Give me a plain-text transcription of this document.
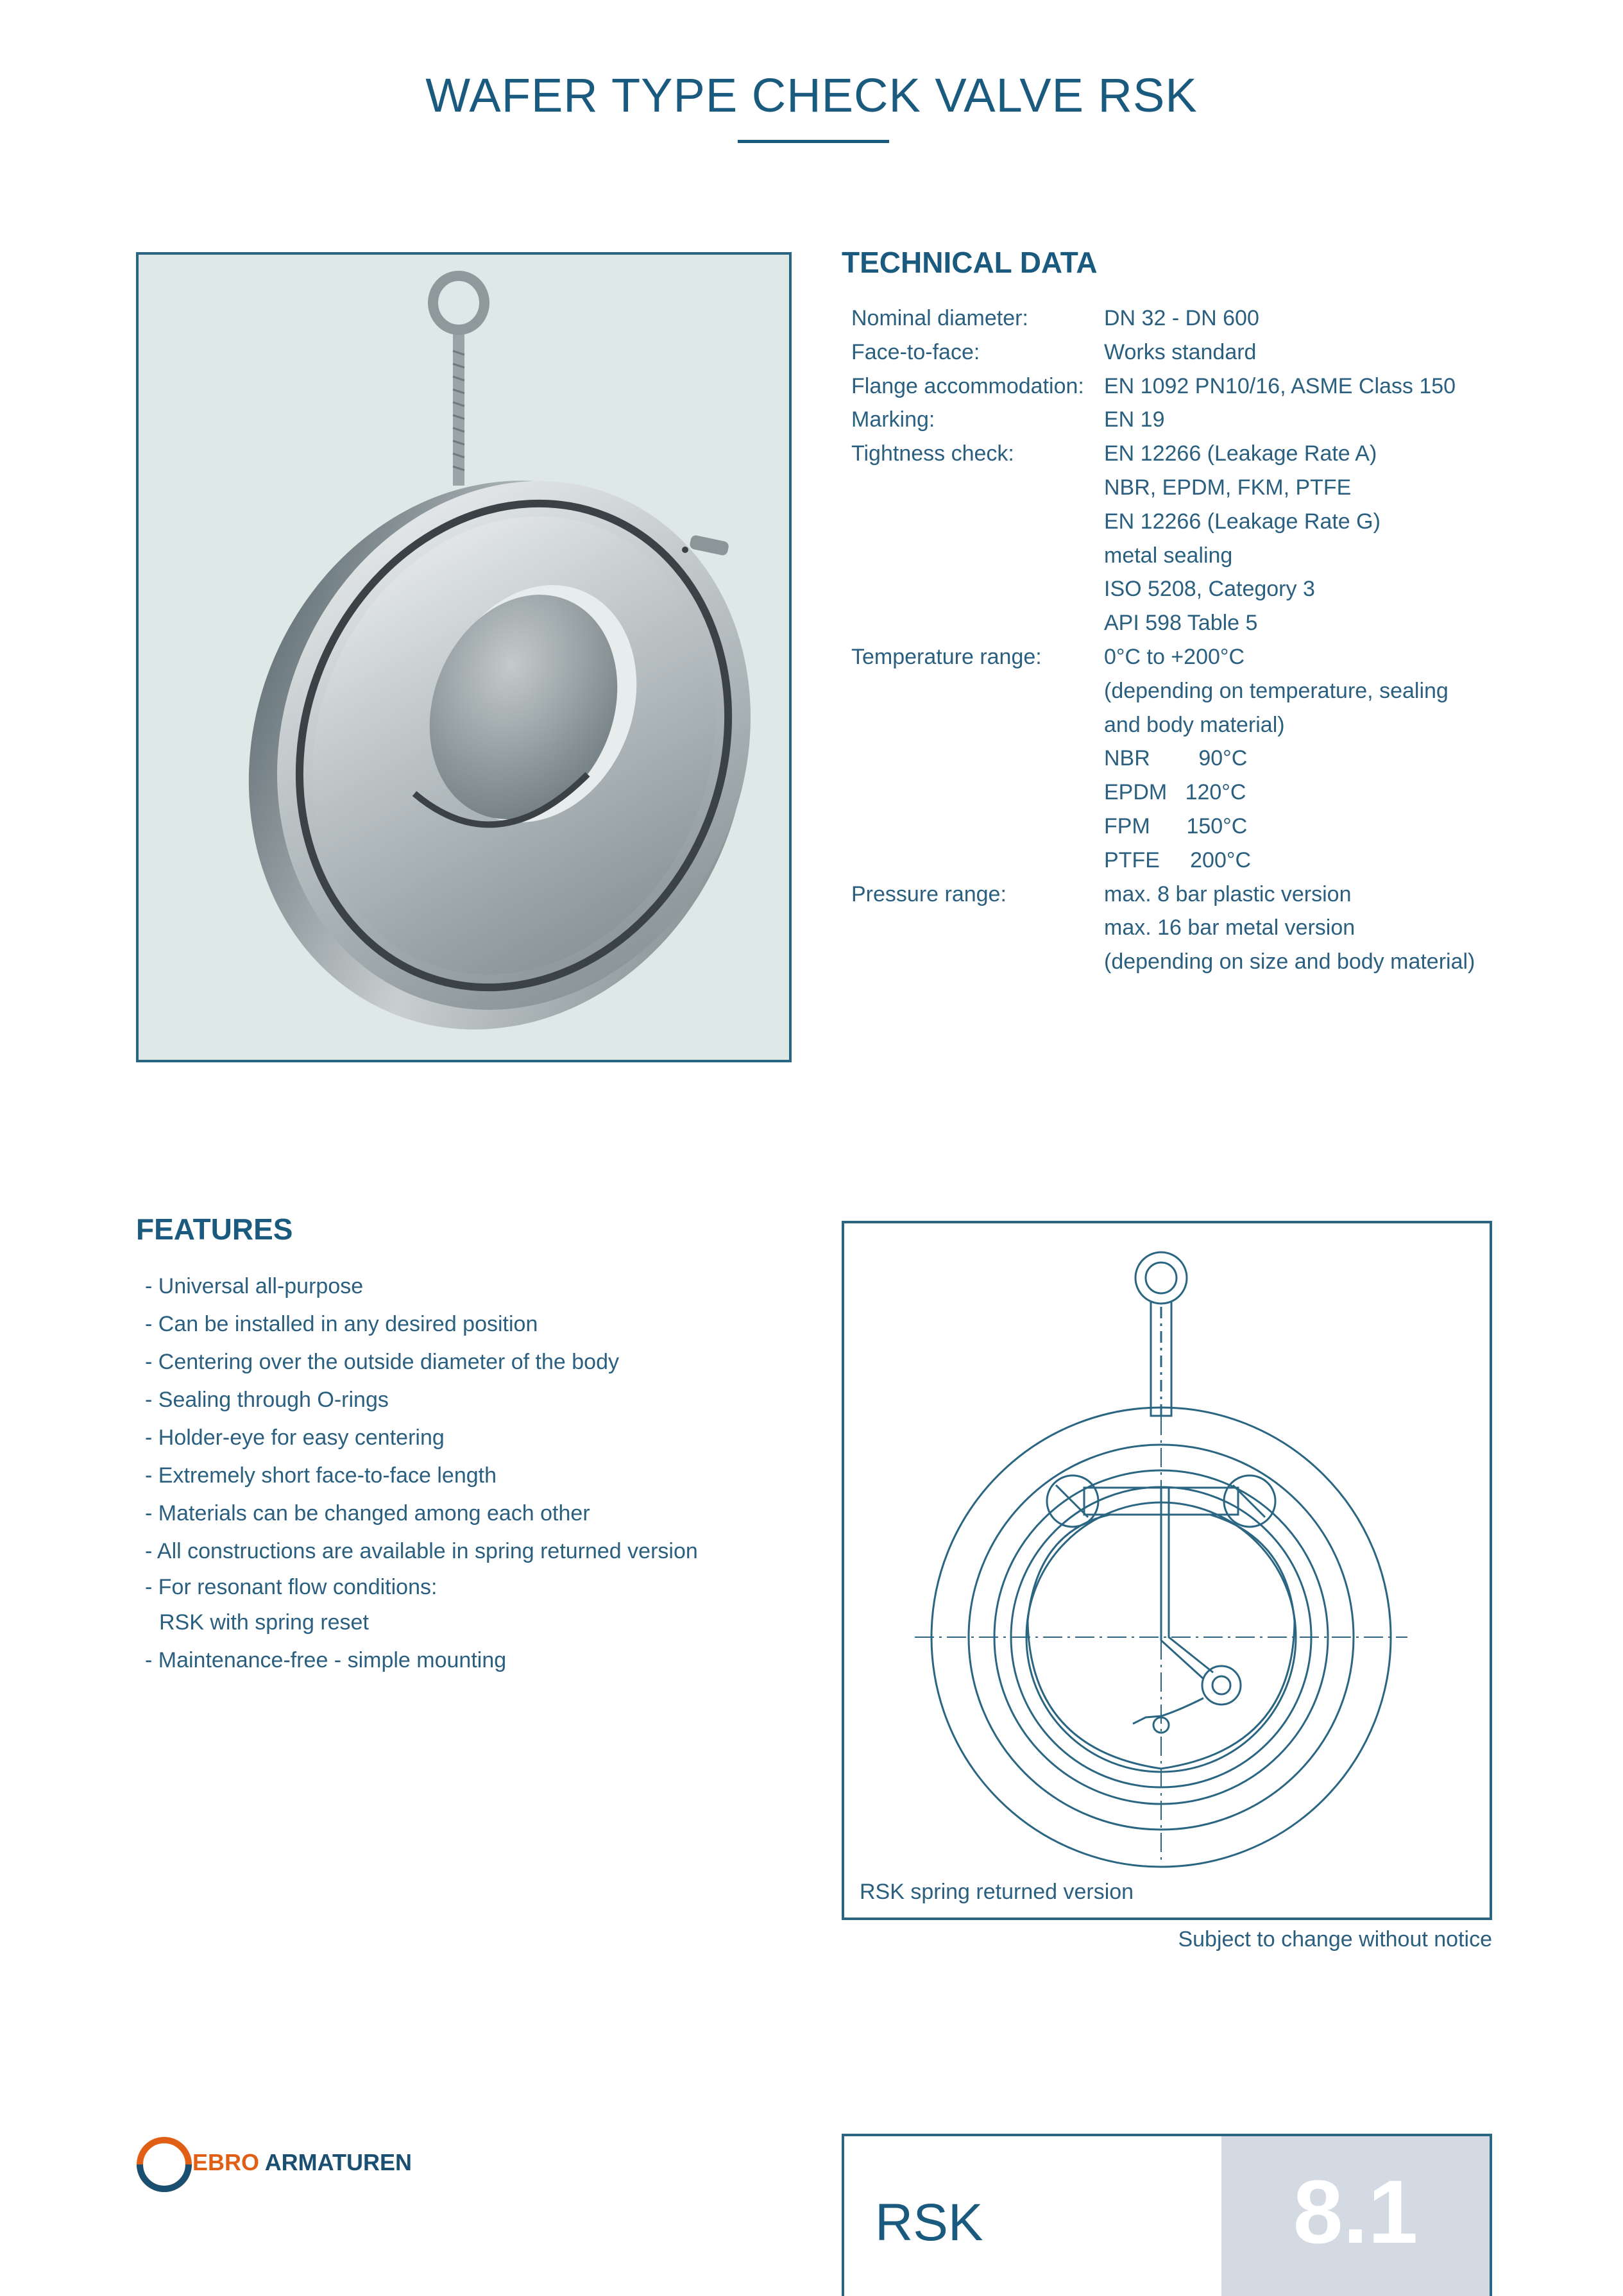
WAFER TYPE CHECK VALVE RSK
TECHNICAL DATA
Nominal diameter:	DN 32 - DN 600
Face-to-face:	Works standard
Flange accommodation: EN 1092 PN10/16, ASME Class 150
Marking:	EN 19
Tightness check:	EN 12266 (Leakage Rate A)
NBR, EPDM, FKM, PTFE
EN 12266 (Leakage Rate G)
metal sealing
ISO 5208, Category 3
API 598 Table 5
Temperature range:	0°C to +200°C
(depending on temperature, sealing
and body material)
NBR        90°C
EPDM   120°C
FPM      150°C
PTFE     200°C
Pressure range:	max. 8 bar plastic version
max. 16 bar metal version
(depending on size and body material)
FEATURES
- Universal all-purpose
- Can be installed in any desired position
- Centering over the outside diameter of the body
- Sealing through O-rings
- Holder-eye for easy centering
- Extremely short face-to-face length
- Materials can be changed among each other
- All constructions are available in spring returned version
- For resonant flow conditions:
RSK with spring reset
- Maintenance-free - simple mounting
RSK spring returned version
Subject to change without notice
EBRO ARMATUREN
RSK	8.1
